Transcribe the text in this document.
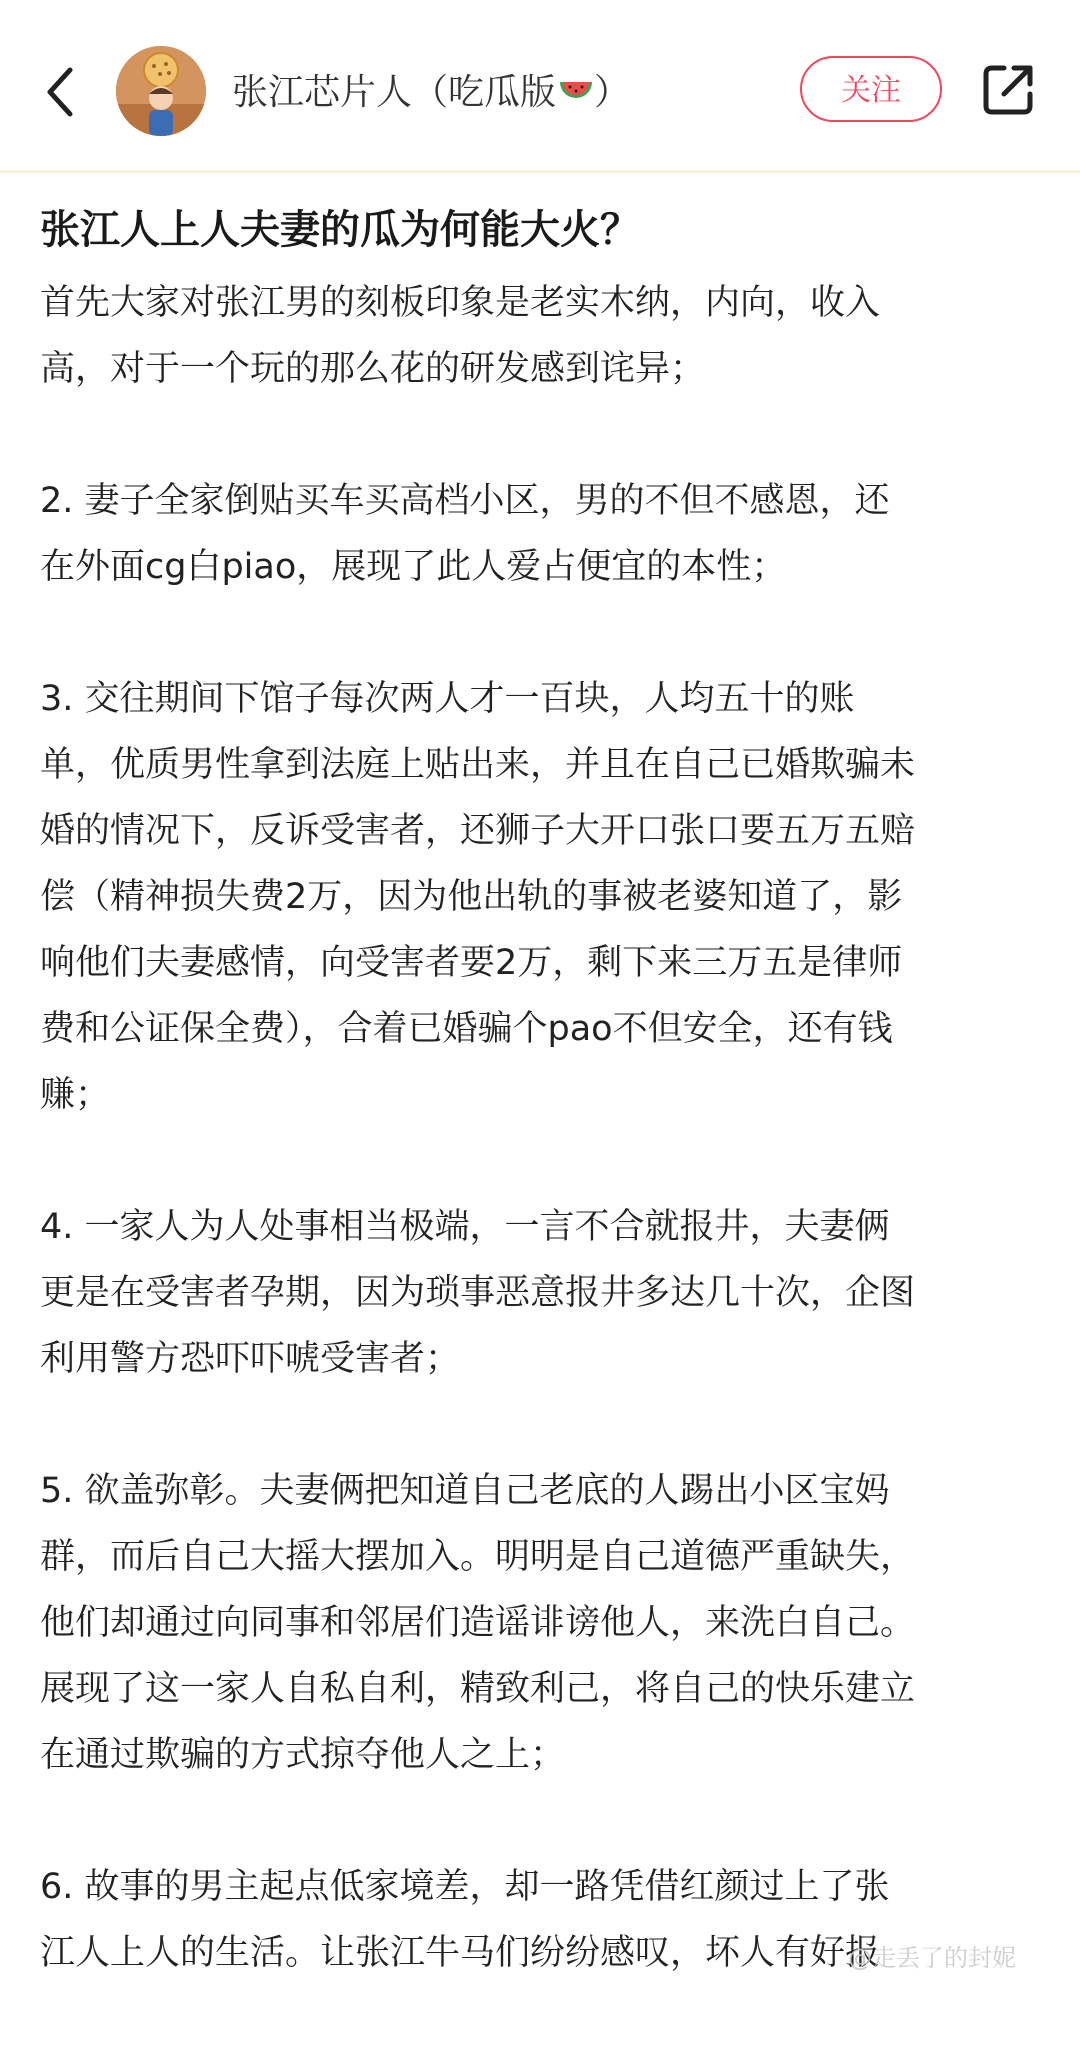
张江芯片人（吃瓜版 ）	关注
张江人上人夫妻的瓜为何能大火？

首先大家对张江男的刻板印象是老实木纳，内向，收入
高，对于一个玩的那么花的研发感到诧异；

2. 妻子全家倒贴买车买高档小区，男的不但不感恩，还
在外面cg白piao，展现了此人爱占便宜的本性；

3. 交往期间下馆子每次两人才一百块，人均五十的账
单，优质男性拿到法庭上贴出来，并且在自己已婚欺骗未
婚的情况下，反诉受害者，还狮子大开口张口要五万五赔
偿（精神损失费2万，因为他出轨的事被老婆知道了，影
响他们夫妻感情，向受害者要2万，剩下来三万五是律师
费和公证保全费），合着已婚骗个pao不但安全，还有钱
赚；

4. 一家人为人处事相当极端，一言不合就报井，夫妻俩
更是在受害者孕期，因为琐事恶意报井多达几十次，企图
利用警方恐吓吓唬受害者；

5. 欲盖弥彰。夫妻俩把知道自己老底的人踢出小区宝妈
群，而后自己大摇大摆加入。明明是自己道德严重缺失，
他们却通过向同事和邻居们造谣诽谤他人，来洗白自己。
展现了这一家人自私自利，精致利己，将自己的快乐建立
在通过欺骗的方式掠夺他人之上；

6. 故事的男主起点低家境差，却一路凭借红颜过上了张
江人上人的生活。让张江牛马们纷纷感叹，坏人有好报

@走丢了的封妮
